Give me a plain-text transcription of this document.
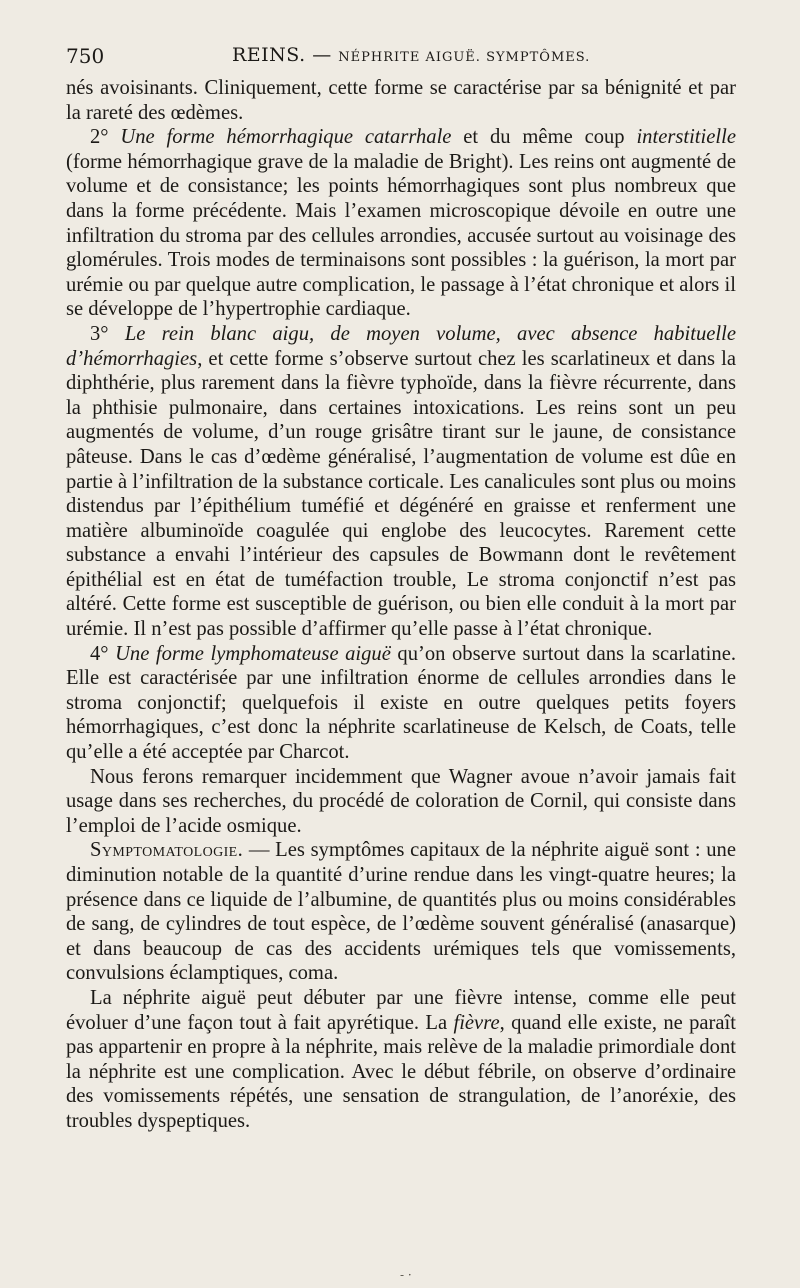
750	REINS. — NÉPHRITE AIGUË. SYMPTÔMES.

nés avoisinants. Cliniquement, cette forme se caractérise par sa bénignité et par la rareté des œdèmes.

2° Une forme hémorrhagique catarrhale et du même coup interstitielle (forme hémorrhagique grave de la maladie de Bright). Les reins ont augmenté de volume et de consistance; les points hémorrhagiques sont plus nombreux que dans la forme précédente. Mais l’examen microscopique dévoile en outre une infiltration du stroma par des cellules arrondies, accusée surtout au voisinage des glomérules. Trois modes de terminaisons sont possibles : la guérison, la mort par urémie ou par quelque autre complication, le passage à l’état chronique et alors il se développe de l’hypertrophie cardiaque.

3° Le rein blanc aigu, de moyen volume, avec absence habituelle d’hémorrhagies, et cette forme s’observe surtout chez les scarlatineux et dans la diphthérie, plus rarement dans la fièvre typhoïde, dans la fièvre récurrente, dans la phthisie pulmonaire, dans certaines intoxications. Les reins sont un peu augmentés de volume, d’un rouge grisâtre tirant sur le jaune, de consistance pâteuse. Dans le cas d’œdème généralisé, l’augmentation de volume est dûe en partie à l’infiltration de la substance corticale. Les canalicules sont plus ou moins distendus par l’épithélium tuméfié et dégénéré en graisse et renferment une matière albuminoïde coagulée qui englobe des leucocytes. Rarement cette substance a envahi l’intérieur des capsules de Bowmann dont le revêtement épithélial est en état de tuméfaction trouble, Le stroma conjonctif n’est pas altéré. Cette forme est susceptible de guérison, ou bien elle conduit à la mort par urémie. Il n’est pas possible d’affirmer qu’elle passe à l’état chronique.

4° Une forme lymphomateuse aiguë qu’on observe surtout dans la scarlatine. Elle est caractérisée par une infiltration énorme de cellules arrondies dans le stroma conjonctif; quelquefois il existe en outre quelques petits foyers hémorrhagiques, c’est donc la néphrite scarlatineuse de Kelsch, de Coats, telle qu’elle a été acceptée par Charcot.

Nous ferons remarquer incidemment que Wagner avoue n’avoir jamais fait usage dans ses recherches, du procédé de coloration de Cornil, qui consiste dans l’emploi de l’acide osmique.

Symptomatologie. — Les symptômes capitaux de la néphrite aiguë sont : une diminution notable de la quantité d’urine rendue dans les vingt-quatre heures; la présence dans ce liquide de l’albumine, de quantités plus ou moins considérables de sang, de cylindres de tout espèce, de l’œdème souvent généralisé (anasarque) et dans beaucoup de cas des accidents urémiques tels que vomissements, convulsions éclamptiques, coma.

La néphrite aiguë peut débuter par une fièvre intense, comme elle peut évoluer d’une façon tout à fait apyrétique. La fièvre, quand elle existe, ne paraît pas appartenir en propre à la néphrite, mais relève de la maladie primordiale dont la néphrite est une complication. Avec le début fébrile, on observe d’ordinaire des vomissements répétés, une sensation de strangulation, de l’anoréxie, des troubles dyspeptiques.

- ·
